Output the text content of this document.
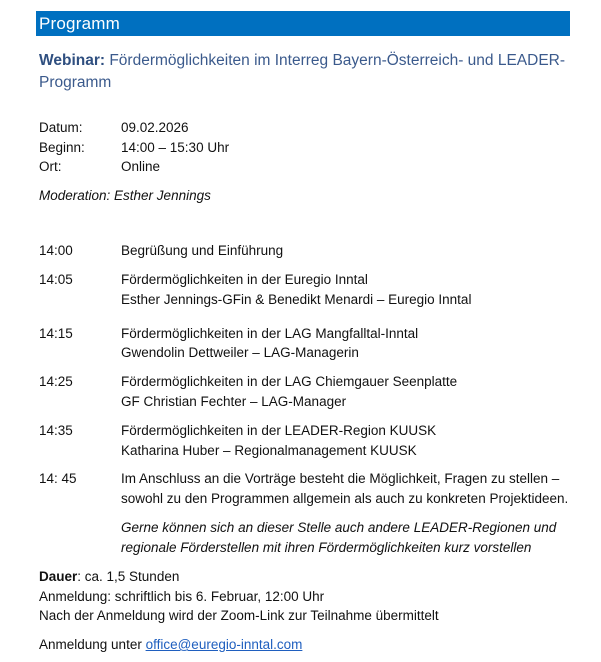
Programm
Webinar: Fördermöglichkeiten im Interreg Bayern-Österreich- und LEADER-
Programm
Datum:	09.02.2026
Beginn:	14:00 – 15:30 Uhr
Ort:	Online
Moderation: Esther Jennings
14:00	Begrüßung und Einführung
14:05	Fördermöglichkeiten in der Euregio Inntal
Esther Jennings-GFin & Benedikt Menardi – Euregio Inntal
14:15	Fördermöglichkeiten in der LAG Mangfalltal-Inntal
Gwendolin Dettweiler – LAG-Managerin
14:25	Fördermöglichkeiten in der LAG Chiemgauer Seenplatte
GF Christian Fechter – LAG-Manager
14:35	Fördermöglichkeiten in der LEADER-Region KUUSK
Katharina Huber – Regionalmanagement KUUSK
14: 45	Im Anschluss an die Vorträge besteht die Möglichkeit, Fragen zu stellen –
sowohl zu den Programmen allgemein als auch zu konkreten Projektideen.
Gerne können sich an dieser Stelle auch andere LEADER-Regionen und
regionale Förderstellen mit ihren Fördermöglichkeiten kurz vorstellen
Dauer: ca. 1,5 Stunden
Anmeldung: schriftlich bis 6. Februar, 12:00 Uhr
Nach der Anmeldung wird der Zoom-Link zur Teilnahme übermittelt
Anmeldung unter office@euregio-inntal.com
